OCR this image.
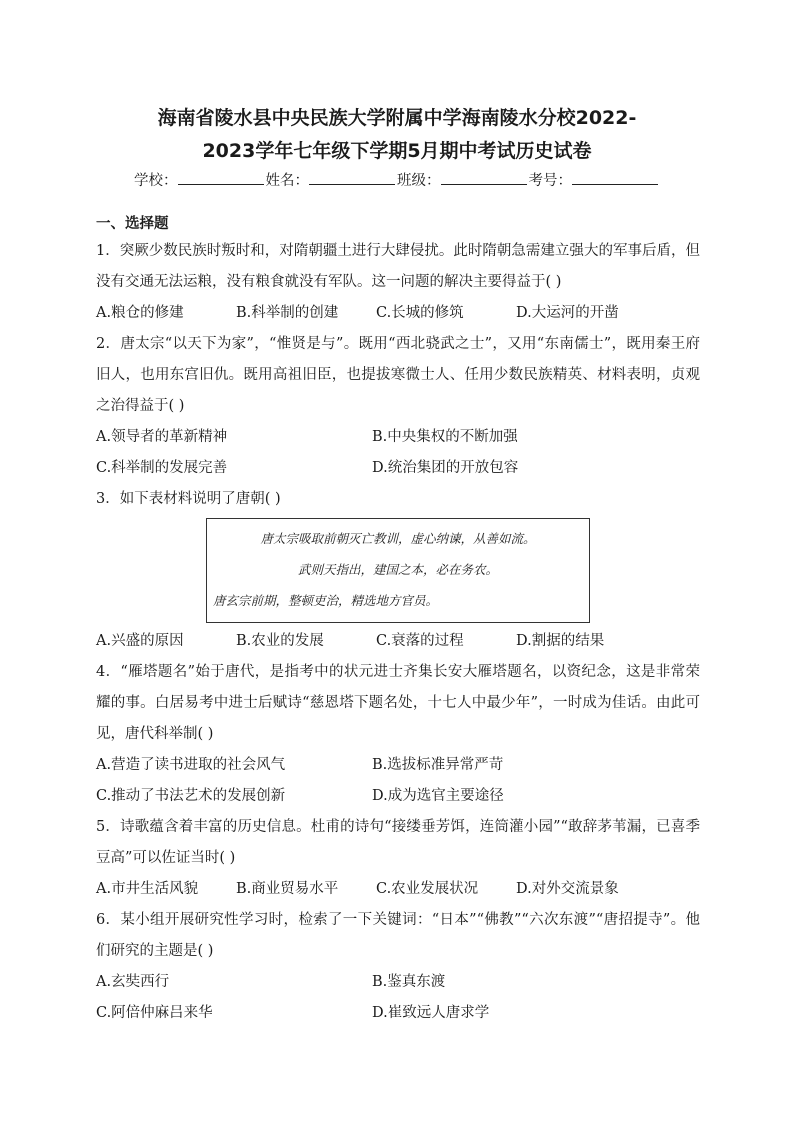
海南省陵水县中央民族大学附属中学海南陵水分校2022-
2023学年七年级下学期5月期中考试历史试卷
学校：	姓名：	班级：	考号：
一、选择题
1．突厥少数民族时叛时和，对隋朝疆土进行大肆侵扰。此时隋朝急需建立强大的军事后盾，但没有交通无法运粮，没有粮食就没有军队。这一问题的解决主要得益于( )
A.粮仓的修建	B.科举制的创建	C.长城的修筑	D.大运河的开凿
2．唐太宗“以天下为家”，“惟贤是与”。既用“西北骁武之士”，又用“东南儒士”，既用秦王府旧人，也用东宫旧仇。既用高祖旧臣，也提拔寒微士人、任用少数民族精英、材料表明，贞观之治得益于( )
A.领导者的革新精神	B.中央集权的不断加强
C.科举制的发展完善	D.统治集团的开放包容
3．如下表材料说明了唐朝( )
唐太宗吸取前朝灭亡教训，虚心纳谏，从善如流。
武则天指出，建国之本，必在务农。
唐玄宗前期，整顿吏治，精选地方官员。
A.兴盛的原因	B.农业的发展	C.衰落的过程	D.割据的结果
4．“雁塔题名”始于唐代，是指考中的状元进士齐集长安大雁塔题名，以资纪念，这是非常荣耀的事。白居易考中进士后赋诗“慈恩塔下题名处，十七人中最少年”，一时成为佳话。由此可见，唐代科举制( )
A.营造了读书进取的社会风气	B.选拔标准异常严苛
C.推动了书法艺术的发展创新	D.成为选官主要途径
5．诗歌蕴含着丰富的历史信息。杜甫的诗句“接缕垂芳饵，连筒灌小园”“敢辞茅苇漏，已喜季豆高”可以佐证当时( )
A.市井生活风貌	B.商业贸易水平	C.农业发展状况	D.对外交流景象
6．某小组开展研究性学习时，检索了一下关键词：“日本”“佛教”“六次东渡”“唐招提寺”。他们研究的主题是( )
A.玄奘西行	B.鉴真东渡
C.阿倍仲麻吕来华	D.崔致远人唐求学
